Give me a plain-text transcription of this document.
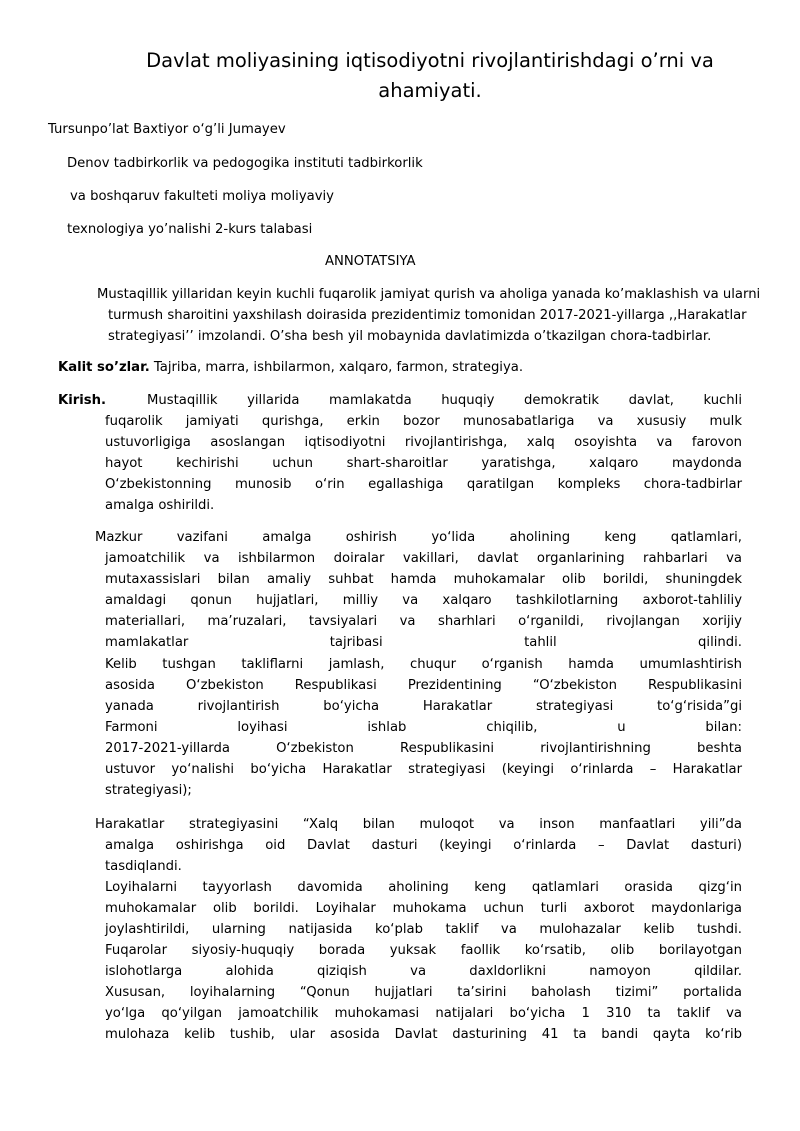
Davlat moliyasining iqtisodiyotni rivojlantirishdagi o’rni va ahamiyati.
Tursunpo’lat Baxtiyor o‘g’li Jumayev
Denov tadbirkorlik va pedogogika instituti tadbirkorlik
va boshqaruv fakulteti moliya moliyaviy
texnologiya yo’nalishi 2-kurs talabasi
ANNOTATSIYA
Mustaqillik yillaridan keyin kuchli fuqarolik jamiyat qurish va aholiga yanada ko’maklashish va ularni
turmush sharoitini yaxshilash doirasida prezidentimiz tomonidan 2017-2021-yillarga ,,Harakatlar
strategiyasi’’ imzolandi. O’sha besh yil mobaynida davlatimizda o’tkazilgan chora-tadbirlar.
Kalit so’zlar. Tajriba, marra, ishbilarmon, xalqaro, farmon, strategiya.
Kirish.	Mustaqillik yillarida mamlakatda huquqiy demokratik davlat, kuchli
fuqarolik jamiyati qurishga, erkin bozor munosabatlariga va xususiy mulk
ustuvorligiga asoslangan iqtisodiyotni rivojlantirishga, xalq osoyishta va farovon
hayot kechirishi uchun shart-sharoitlar yaratishga, xalqaro maydonda
O‘zbekistonning munosib o‘rin egallashiga qaratilgan kompleks chora-tadbirlar
amalga oshirildi.
Mazkur vazifani amalga oshirish yo‘lida aholining keng qatlamlari,
jamoatchilik va ishbilarmon doiralar vakillari, davlat organlarining rahbarlari va
mutaxassislari bilan amaliy suhbat hamda muhokamalar olib borildi, shuningdek
amaldagi qonun hujjatlari, milliy va xalqaro tashkilotlarning axborot-tahliliy
materiallari, ma’ruzalari, tavsiyalari va sharhlari o‘rganildi, rivojlangan xorijiy
mamlakatlar tajribasi tahlil qilindi.
Kelib tushgan takliflarni jamlash, chuqur o‘rganish hamda umumlashtirish
asosida O‘zbekiston Respublikasi Prezidentining “O‘zbekiston Respublikasini
yanada rivojlantirish bo‘yicha Harakatlar strategiyasi to‘g‘risida”gi
Farmoni loyihasi ishlab chiqilib, u bilan:
2017-2021-yillarda O‘zbekiston Respublikasini rivojlantirishning beshta
ustuvor yo‘nalishi bo‘yicha Harakatlar strategiyasi (keyingi o‘rinlarda – Harakatlar
strategiyasi);
Harakatlar strategiyasini “Xalq bilan muloqot va inson manfaatlari yili”da
amalga oshirishga oid Davlat dasturi (keyingi o‘rinlarda – Davlat dasturi)
tasdiqlandi.
Loyihalarni tayyorlash davomida aholining keng qatlamlari orasida qizg‘in
muhokamalar olib borildi. Loyihalar muhokama uchun turli axborot maydonlariga
joylashtirildi, ularning natijasida ko‘plab taklif va mulohazalar kelib tushdi.
Fuqarolar siyosiy-huquqiy borada yuksak faollik ko‘rsatib, olib borilayotgan
islohotlarga alohida qiziqish va daxldorlikni namoyon qildilar.
Xususan, loyihalarning “Qonun hujjatlari ta’sirini baholash tizimi” portalida
yo‘lga qo‘yilgan jamoatchilik muhokamasi natijalari bo‘yicha 1 310 ta taklif va
mulohaza kelib tushib, ular asosida Davlat dasturining 41 ta bandi qayta ko‘rib
